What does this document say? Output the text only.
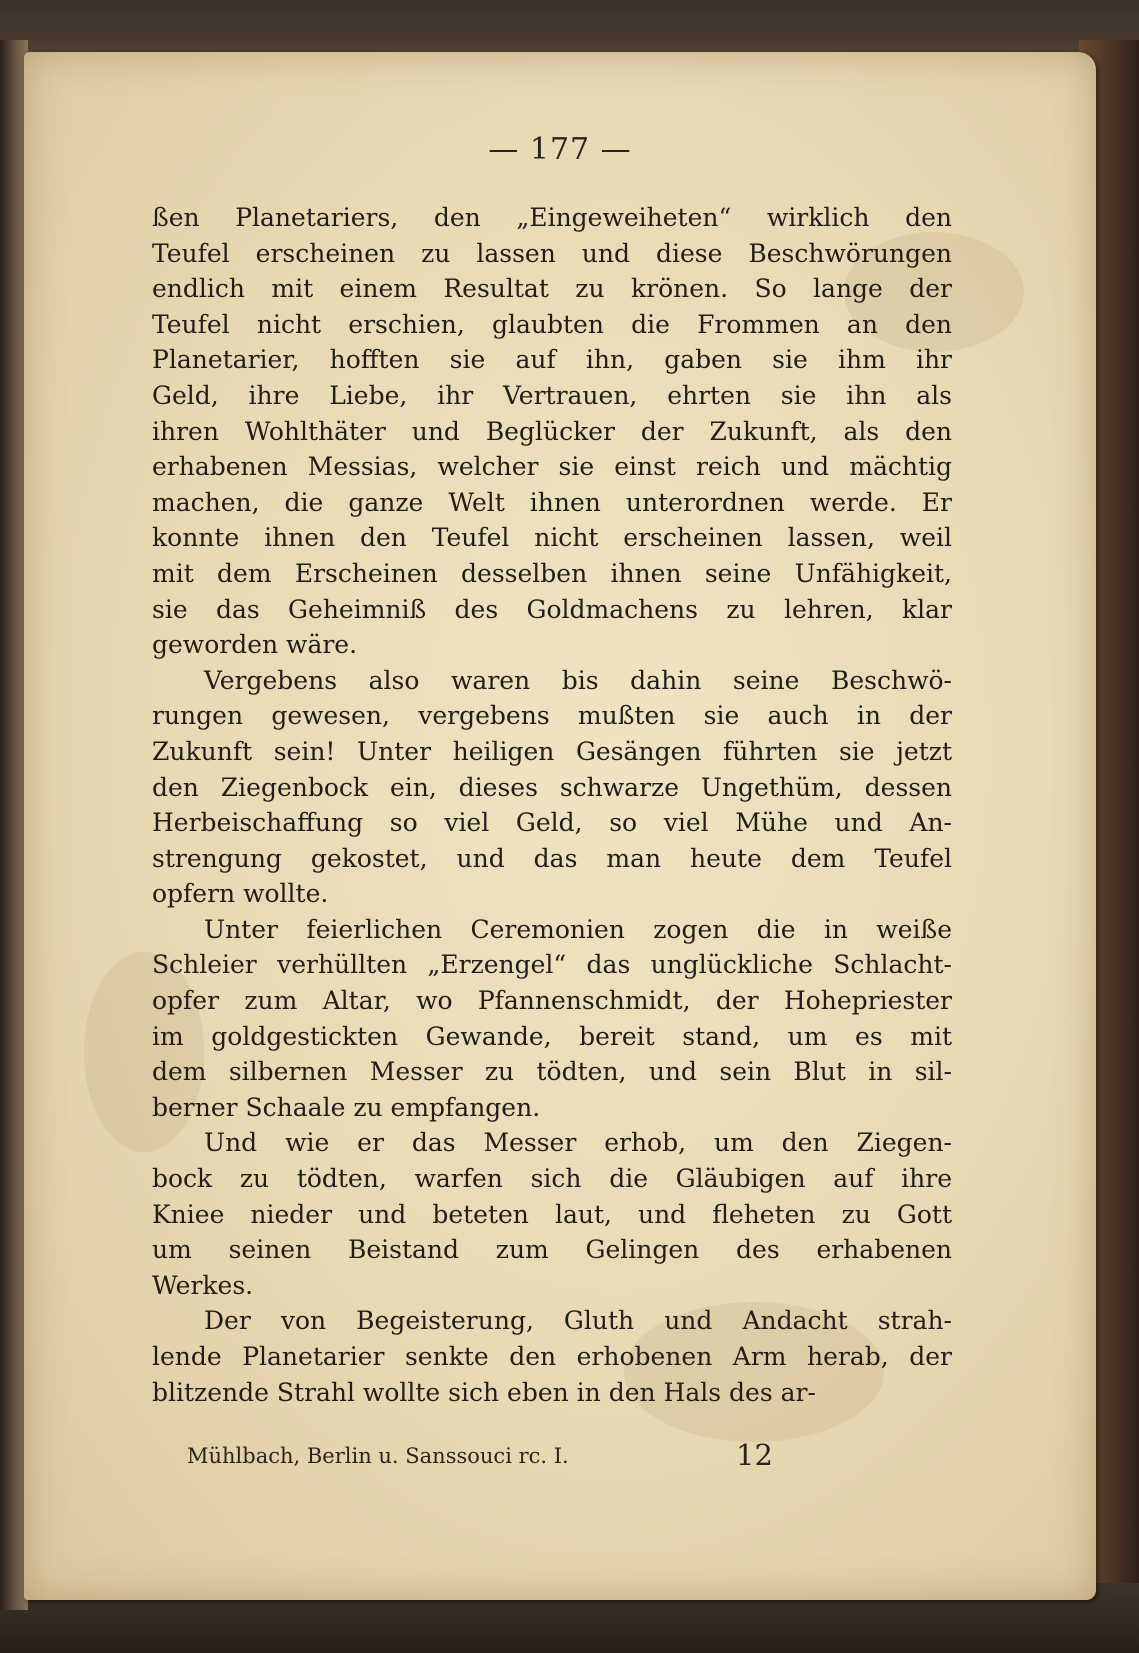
— 177 —
ßen Planetariers, den „Eingeweiheten“ wirklich den
Teufel erscheinen zu lassen und diese Beschwörungen
endlich mit einem Resultat zu krönen. So lange der
Teufel nicht erschien, glaubten die Frommen an den
Planetarier, hofften sie auf ihn, gaben sie ihm ihr
Geld, ihre Liebe, ihr Vertrauen, ehrten sie ihn als
ihren Wohlthäter und Beglücker der Zukunft, als den
erhabenen Messias, welcher sie einst reich und mächtig
machen, die ganze Welt ihnen unterordnen werde. Er
konnte ihnen den Teufel nicht erscheinen lassen, weil
mit dem Erscheinen desselben ihnen seine Unfähigkeit,
sie das Geheimniß des Goldmachens zu lehren, klar
geworden wäre.
Vergebens also waren bis dahin seine Beschwö-
rungen gewesen, vergebens mußten sie auch in der
Zukunft sein! Unter heiligen Gesängen führten sie jetzt
den Ziegenbock ein, dieses schwarze Ungethüm, dessen
Herbeischaffung so viel Geld, so viel Mühe und An-
strengung gekostet, und das man heute dem Teufel
opfern wollte.
Unter feierlichen Ceremonien zogen die in weiße
Schleier verhüllten „Erzengel“ das unglückliche Schlacht-
opfer zum Altar, wo Pfannenschmidt, der Hohepriester
im goldgestickten Gewande, bereit stand, um es mit
dem silbernen Messer zu tödten, und sein Blut in sil-
berner Schaale zu empfangen.
Und wie er das Messer erhob, um den Ziegen-
bock zu tödten, warfen sich die Gläubigen auf ihre
Kniee nieder und beteten laut, und fleheten zu Gott
um seinen Beistand zum Gelingen des erhabenen
Werkes.
Der von Begeisterung, Gluth und Andacht strah-
lende Planetarier senkte den erhobenen Arm herab, der
blitzende Strahl wollte sich eben in den Hals des ar-
Mühlbach, Berlin u. Sanssouci rc. I.	12
